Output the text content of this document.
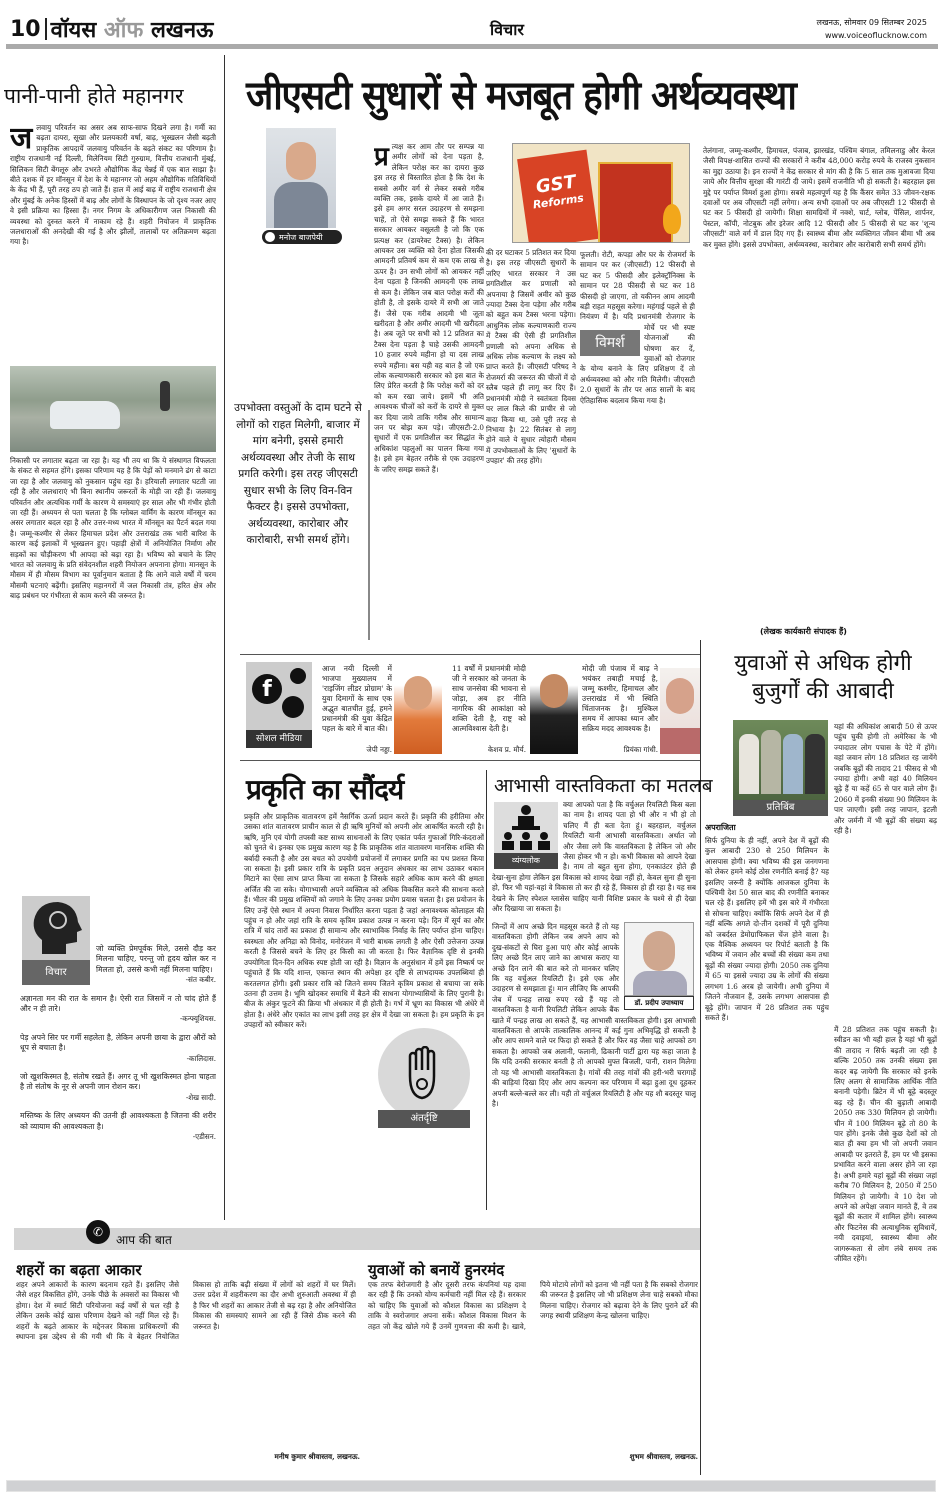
10 वॉयस ऑफ लखनऊ	विचार	लखनऊ, सोमवार 09 सितम्बर 2025
www.voiceoflucknow.com
पानी-पानी होते महानगर
ज लवायु परिवर्तन का असर अब साफ-साफ दिखने लगा है। गर्मी का बढ़ता दायरा, सूखा और प्रलयकारी वर्षा, बाढ़, भूस्खलन जैसी बढ़ती प्राकृतिक आपदायें जलवायु परिवर्तन के बढ़ते संकट का परिणाम है। राष्ट्रीय राजधानी नई दिल्ली, मिलेनियम सिटी गुरुग्राम, वित्तीय राजधानी मुंबई, सिलिकन सिटी बेंगलूरु और उभरते औद्योगिक केंद्र चेन्नई में एक बात साझा है। बीते दशक में हर मॉनसून में देश के ये महानगर जो अहम औद्योगिक गतिविधियों के केंद्र भी हैं, पूरी तरह ठप हो जाते हैं। हाल में आई बाढ़ में राष्ट्रीय राजधानी क्षेत्र और मुंबई के अनेक हिस्सों में बाढ़ और लोगों के विस्थापन के जो दृश्य नजर आए वे इसी प्रक्रिया का हिस्सा हैं। नगर निगम के अधिकारीगण जल निकासी की व्यवस्था को दुरुस्त करने में नाकाम रहे हैं। शहरी नियोजन में प्राकृतिक जलधाराओं की अनदेखी की गई है और झीलों, तालाबों पर अतिक्रमण बढ़ता गया है।
निकासी पर लगातार बढ़ता जा रहा है। यह भी तय था कि ये संस्थागत विफलता के संकट से सहमत होंगे। इसका परिणाम यह है कि पेड़ों को मनमाने ढंग से काटा जा रहा है और जलवायु को नुकसान पहुंच रहा है। हरियाली लगातार घटती जा रही है और जलधाराएं भी बिना स्थानीय जरूरतों के मोड़ी जा रही हैं। जलवायु परिवर्तन और अत्यधिक गर्मी के कारण ये समस्याएं हर साल और भी गंभीर होती जा रही हैं। अध्ययन से पता चलता है कि ग्लोबल वार्मिंग के कारण मॉनसून का असर लगातार बदल रहा है और उत्तर-मध्य भारत में मॉनसून का पैटर्न बदल गया है। जम्मू-कश्मीर से लेकर हिमाचल प्रदेश और उत्तराखंड तक भारी बारिश के कारण कई इलाकों में भूस्खलन हुए। पहाड़ी क्षेत्रों में अनियोजित निर्माण और सड़कों का चौड़ीकरण भी आपदा को बढ़ा रहा है। भविष्य को बचाने के लिए भारत को जलवायु के प्रति संवेदनशील शहरी नियोजन अपनाना होगा। मानसून के मौसम में ही मौसम विभाग का पूर्वानुमान बताता है कि आने वाले वर्षों में चरम मौसमी घटनाएं बढ़ेंगी। इसलिए महानगरों में जल निकासी तंत्र, हरित क्षेत्र और बाढ़ प्रबंधन पर गंभीरता से काम करने की जरूरत है।
विचार
जो व्यक्ति प्रेमपूर्वक मिले, उससे दौड़ कर मिलना चाहिए, परन्तु जो हृदय खोल कर न मिलता हो, उससे कभी नहीं मिलना चाहिए।
-संत कबीर.
अज्ञानता मन की रात के समान है। ऐसी रात जिसमें न तो चांद होते हैं और न ही तारे।
-कन्फ्यूशियस.
पेड़ अपने सिर पर गर्मी सहलेता है, लेकिन अपनी छाया के द्वारा औरों को धूप से बचाता है।
-कालिदास.
जो खुशकिस्मत है, संतोष रखते हैं। अगर तू भी खुशकिस्मत होना चाहता है तो संतोष के नूर से अपनी जान रोशन कर।
-शेख सादी.
मस्तिष्क के लिए अध्ययन की उतनी ही आवश्यकता है जितना की शरीर को व्यायाम की आवश्यकता है।
-एडीसन.
जीएसटी सुधारों से मजबूत होगी अर्थव्यवस्था
मनोज बाजपेयी
उपभोक्ता वस्तुओं के दाम घटने से लोगों को राहत मिलेगी, बाजार में मांग बनेगी, इससे हमारी अर्थव्यवस्था और तेजी के साथ प्रगति करेगी। इस तरह जीएसटी सुधार सभी के लिए विन-विन फैक्टर है। इससे उपभोक्ता, अर्थव्यवस्था, कारोबार और कारोबारी, सभी समर्थ होंगे।
प्र त्यक्ष कर आम तौर पर सम्पन्न या अमीर लोगों को देना पड़ता है, लेकिन परोक्ष कर का दायरा कुछ इस तरह से विस्तारित होता है कि देश के सबसे अमीर वर्ग से लेकर सबसे गरीब व्यक्ति तक, इसके दायरे में आ जाते हैं। इसे हम अगर सरल उदाहरण से समझना चाहें, तो ऐसे समझ सकते हैं कि भारत सरकार आयकर वसूलती है जो कि एक प्रत्यक्ष कर (डायरेक्ट टैक्स) है। लेकिन आयकर उस व्यक्ति को देना होता जिसकी आमदनी प्रतिवर्ष कम से कम एक लाख से ऊपर है। उन सभी लोगों को आयकर नहीं देना पड़ता है जिनकी आमदनी एक लाख से कम है। लेकिन जब बात परोक्ष करों की होती है, तो इसके दायरे में सभी आ जाते हैं। जैसे एक गरीब आदमी भी जूता खरीदता है और अमीर आदमी भी खरीदता है। अब जूते पर सभी को 12 प्रतिशत का टैक्स देना पड़ता है चाहे उसकी आमदनी 10 हजार रुपये महीना हो या दस लाख रुपये महीना। बस यही वह बात है जो एक लोक कल्याणकारी सरकार को इस बात के लिए प्रेरित करती है कि परोक्ष करों को दर को कम रखा जाये। इसमें भी अति आवश्यक चीजों को करों के दायरे से मुक्त कर दिया जाये ताकि गरीब और सामान्य जन पर बोझ कम पड़े। जीएसटी-2.0 सुधारों में एक प्रगतिशील कर सिद्धांत के अधिकांश पहलुओं का पालन किया गया है। इसे हम बेहतर तरीके से एक उदाहरण के जरिए समझ सकते हैं।
GST
Reforms
की दर घटाकर 5 प्रतिशत कर दिया है। इस तरह जीएसटी सुधारों के जरिए भारत सरकार ने उस प्रगतिशील कर प्रणाली को अपनाया है जिसमें अमीर को कुछ ज्यादा टैक्स देना पड़ेगा और गरीब को बहुत कम टैक्स भरना पड़ेगा। आधुनिक लोक कल्याणकारी राज्य में टैक्स की ऐसी ही प्रगतिशील प्रणाली को अपना अधिक से अधिक लोक कल्याण के लक्ष्य को प्राप्त करते हैं। जीएसटी परिषद ने रोजमर्रा की जरूरत की चीजों में दो स्लैब पहले ही लागू कर दिए हैं। प्रधानमंत्री मोदी ने स्वतंत्रता दिवस पर लाल किले की प्राचीर से जो वादा किया था, उसे पूरी तरह से निभाया है। 22 सितंबर से लागू होने वाले ये सुधार त्योहारी मौसम में उपभोक्ताओं के लिए 'सुधारों के उपहार' की तरह होंगे।
विमर्श
फूलती। रोटी, कपड़ा और घर के रोजमर्रा के सामान पर कर (जीएसटी) 12 फीसदी से घट कर 5 फीसदी और इलेक्ट्रॉनिक्स के सामान पर 28 फीसदी से घट कर 18 फीसदी हो जाएगा, तो यकीनन आम आदमी बड़ी राहत महसूस करेगा। महंगाई पहले से ही नियंत्रण में है। यदि प्रधानमंत्री रोजगार के मोर्चे पर भी स्पष्ट योजनाओं की घोषणा कर दें, युवाओं को रोजगार के योग्य बनाने के लिए प्रशिक्षण दें तो अर्थव्यवस्था को और गति मिलेगी। जीएसटी 2.0 सुधारों के तौर पर आठ सालों के बाद ऐतिहासिक बदलाव किया गया है।
तेलंगाना, जम्मू-कश्मीर, हिमाचल, पंजाब, झारखंड, पश्चिम बंगाल, तमिलनाडु और केरल जैसी विपक्ष-शासित राज्यों की सरकारों ने करीब 48,000 करोड़ रुपये के राजस्व नुकसान का मुद्दा उठाया है। इन राज्यों ने केंद्र सरकार से मांग की है कि 5 साल तक मुआवजा दिया जाये और वित्तीय सुरक्षा की गारंटी दी जाये। इसमें राजनीति भी हो सकती है। बहरहाल इस मुद्दे पर पर्याप्त विमर्श हुआ होगा। सबसे महत्वपूर्ण यह है कि कैंसर समेत 33 जीवन-रक्षक दवाओं पर अब जीएसटी नहीं लगेगा। अन्य सभी दवाओं पर अब जीएसटी 12 फीसदी से घट कर 5 फीसदी हो जायेगी। शिक्षा सामग्रियों में नक्शे, चार्ट, ग्लोब, पेंसिल, शार्पनर, पेस्टल, कॉपी, नोटबुक और इरेजर आदि 12 फीसदी और 5 फीसदी से घट कर 'शून्य जीएसटी' वाले वर्ग में डाल दिए गए हैं। स्वास्थ्य बीमा और व्यक्तिगत जीवन बीमा भी अब कर मुक्त होंगे। इससे उपभोक्ता, अर्थव्यवस्था, कारोबार और कारोबारी सभी समर्थ होंगे।
(लेखक कार्यकारी संपादक हैं)
f
सोशल मीडिया
आज नयी दिल्ली में भाजपा मुख्यालय में 'राइजिंग लीडर प्रोग्राम' के युवा दिमागों के साथ एक अद्भुत बातचीत हुई, हमने प्रधानमंत्री की युवा केंद्रित पहल के बारे में बात की।
जेपी नड्डा.
11 वर्षों में प्रधानमंत्री मोदी जी ने सरकार को जनता के साथ जनसेवा की भावना से जोड़ा, अब हर नीति नागरिक की आकांक्षा को शक्ति देती है, राष्ट्र को आत्मविश्वास देती है।
केशव प्र. मौर्य.
मोदी जी पंजाब में बाढ़ ने भयंकर तबाही मचाई है, जम्मू कश्मीर, हिमाचल और उत्तराखंड में भी स्थिति चिंताजनक है। मुश्किल समय में आपका ध्यान और सक्रिय मदद आवश्यक है।
प्रियंका गांधी.
युवाओं से अधिक होगी बुजुर्गों की आबादी
प्रतिबिंब
यहां की अधिकांश आबादी 50 से ऊपर पहुंच चुकी होगी तो अमेरिका के भी ज्यादातर लोग पचास के पेटे में होंगे। वहां जवान लोग 18 प्रतिशत रह जायेंगे जबकि बूढ़ों की तादाद 21 फीसद से भी ज्यादा होगी। अभी वहां 40 मिलियन बूढ़े हैं या कहें 65 से पार वाले लोग हैं। 2060 में इनकी संख्या 90 मिलियन के पार जाएगी। इसी तरह जापान, इटली और जर्मनी में भी बूढ़ों की संख्या बढ़ रही है।
अपराजिता
सिर्फ दुनिया के ही नहीं, अपने देश में बूढ़ों की कुल आबादी 230 से 250 मिलियन के आसपास होगी। क्या भविष्य की इस जनगणना को लेकर हमने कोई ठोस रणनीति बनाई है? यह इसलिए जरूरी है क्योंकि आजकल दुनिया के पश्चिमी देश 50 साल बाद की रणनीति बनाकर चल रहे हैं। इसलिए हमें भी इस बारे में गंभीरता से सोचना चाहिए। क्योंकि सिर्फ अपने देश में ही नहीं बल्कि अगले दो-तीन दशकों में पूरी दुनिया को जबर्दस्त डेमोग्राफिकल चेंज होने वाला है। एक वैश्विक अध्ययन पर रिपोर्ट बताती है कि भविष्य में जवान और बच्चों की संख्या कम तथा बूढ़ों की संख्या ज्यादा होगी। 2050 तक दुनिया में 65 या इससे ज्यादा उम्र के लोगों की संख्या लगभग 1.6 अरब हो जायेगी। अभी दुनिया में जितने नौजवान हैं, उसके लगभग आसपास ही बूढ़े होंगे। जापान में 28 प्रतिशत तक पहुंच सकते हैं।
मेें 28 प्रतिशत तक पहुंच सकती है। स्वीडन का भी यही हाल है यहां भी बूढ़ों की तादाद न सिर्फ बढ़ती जा रही है बल्कि 2050 तक उनकी संख्या इस कदर बढ़ जायेगी कि सरकार को इनके लिए अलग से सामाजिक आर्थिक नीति बनानी पड़ेगी। ब्रिटेन में भी बूढ़े बदस्तूर बढ़ रहे हैं। चीन की बुढ़ाती आबादी 2050 तक 330 मिलियन हो जायेगी। चीन में 100 मिलियन बूढ़े तो 80 के पार होंगे। इनके जैसे कुछ देशों को तो बात ही क्या हम भी जो अपनी जवान आबादी पर इतराते हैं, हम पर भी इसका प्रभावित करने वाला असर होने जा रहा है। अभी हमारे यहां बूढ़ों की संख्या जहां करीब 70 मिलियन है, 2050 में 250 मिलियन हो जायेगी। वे 10 देश जो अपने को अपेक्षा जवान मानते हैं, वे तब बूढ़ों की कतार में शामिल होंगे। स्वास्थ्य और फिटनेस की अत्याधुनिक सुविधायें, नयी दवाइयां, स्वास्थ्य बीमा और जागरूकता से लोग लंबे समय तक जीवित रहेंगे।
प्रकृति का सौंदर्य
अंतर्दृष्टि
प्रकृति और प्राकृतिक वातावरण हमें नैसर्गिक ऊर्जा प्रदान करते हैं। प्रकृति की हरीतिमा और उसका शांत वातावरण प्राचीन काल से ही ऋषि मुनियों को अपनी ओर आकर्षित करती रही है। ऋषि, मुनि एवं योगी तपस्वी कष्ट साध्य साधनाओं के लिए एकांत पर्वत गुफाओं गिरि-कंदराओं को चुनते थे। इनका एक प्रमुख कारण यह है कि प्राकृतिक शांत वातावरण मानसिक शक्ति की बर्बादी रुकती है और उस बचत को उपयोगी प्रयोजनों में लगाकर प्रगति का पथ प्रशस्त किया जा सकता है। इसी प्रकार रात्रि के प्रकृति प्रदत्त अनुदान अंधकार का लाभ उठाकर थकान मिटाने का ऐसा लाभ प्राप्त किया जा सकता है जिसके सहारे अधिक काम करने की क्षमता अर्जित की जा सके। योगाभ्यासी अपने व्यक्तित्व को अधिक विकसित करने की साधना करते हैं। भीतर की प्रमुख शक्तियों को जगाने के लिए उनका प्रयोग प्रयास चलता है। इस प्रयोजन के लिए उन्हें ऐसे स्थान में अपना निवास निर्धारित करना पड़ता है जहां अनावश्यक कोलाहल की पहुंच न हो और जहां रात्रि के समय कृत्रिम प्रकाश उत्पन्न न करना पड़े। दिन में सूर्य का और रात्रि में चांद तारों का प्रकाश ही सामान्य और स्वाभाविक निर्वाह के लिए पर्याप्त होना चाहिए। स्वस्थता और अनिद्रा को विनोद, मनोरंजन में भारी बाधक लगती है और ऐसी उत्तेजना उत्पन्न करती है जिससे बचने के लिए हर किसी का जी करता है। फिर वैज्ञानिक दृष्टि से इनकी उपयोगिता दिन-दिन अधिक स्पष्ट होती जा रही है। विज्ञान के अनुसंधान में हमें इस निष्कर्ष पर पहुंचाते हैं कि यदि शान्त, एकान्त स्थान की अपेक्षा हर दृष्टि से लाभदायक उपलब्धियां ही करतलगत होंगी। इसी प्रकार रात्रि को जितने समय जितने कृत्रिम प्रकाश से बचाया जा सके उतना ही उत्तम है। भूमि खोदकर समाधि में बैठने की साधना योगाभ्यासियों के लिए पुरानी है। बीज के अंकुर फूटने की क्रिया भी अंधकार में ही होती है। गर्भ में भ्रूण का विकास भी अंधेरे में होता है। अंधेरे और एकांत का लाभ इसी तरह हर क्षेत्र में देखा जा सकता है। हम प्रकृति के इन उपहारों को स्वीकार करें।
आभासी वास्तविकता का मतलब
व्यंग्यलोक
क्या आपको पता है कि वर्चुअल रियलिटी किस बला का नाम है। शायद पता हो भी और न भी हो तो चलिए मैं ही बता देता हूं। बहरहाल, वर्चुअल रियलिटी यानी आभासी वास्तविकता। अर्थात जो और जैसा लगे कि वास्तविकता है लेकिन जो और जैसा होकर भी न हो। कभी विकास को आपने देखा है। नाम तो बहुत सुना होगा, एनकाउंटर होते ही देखा-सुना होगा लेकिन इस विकास को शायद देखा नहीं हो, केवल सुना ही सुना हो, फिर भी यहां-वहां वे विकास तो कर ही रहे हैं, विकास हो ही रहा है। यह सब देखने के लिए स्पेशल ग्लासेस चाहिए यानी विशिष्ट प्रकार के चश्मे से ही देखा और दिखाया जा सकता है।
डॉ. प्रदीप उपाध्याय
जिन्दों में आप अच्छे दिन महसूस करते हैं तो यह वास्तविकता होगी लेकिन जब अपने आप को दुख-संकटों से घिरा हुआ पाएं और कोई आपके लिए अच्छे दिन लाए जाने का आभास कराए या अच्छे दिन लाने की बात करे तो मानकर चलिए कि यह वर्चुअल रियलिटी है। इसे एक और उदाहरण से समझाता हूं। मान लीजिए कि आपकी जेब में पन्द्रह लाख रुपए रखे हैं यह तो वास्तविकता है यानी रियलिटी लेकिन आपके बैंक खाते में पन्द्रह लाख आ सकते हैं, यह आभासी वास्तविकता होगी। इस आभासी वास्तविकता से आपके तात्कालिक आनन्द में कई गुना अभिवृद्धि हो सकती है और आप सामने वाले पर फिदा हो सकते हैं और फिर वह जैसा चाहे आपको ठग सकता है। आपको जब अलानी, फलानी, ढिकानी पार्टी द्वारा यह कहा जाता है कि यदि उनकी सरकार बनती है तो आपको मुफ्त बिजली, पानी, राशन मिलेगा तो यह भी आभासी वास्तविकता है। गांवों की तरह गांवों की हरी-भरी चरागाहें की बाड़ियां दिखा दिए और आप कल्पना कर परिणाम में बढ़ा हुआ दूध दूहकर अपनी बल्ले-बल्ले कर ली। यही तो वर्चुअल रियलिटी है और यह शौ बदस्तूर चालू है।
✆
आप की बात
शहरों का बढ़ता आकार
शहर अपने आकारों के कारण बदनाम रहते हैं। इसलिए जैसे जैसे शहर विकसित होंगे, उनके पीछे के अवसरों का विकास भी होगा। देश में स्मार्ट सिटी परियोजना कई वर्षों से चल रही है लेकिन उसके कोई खास परिणाम देखने को नहीं मिल रहे हैं। शहरों के बढ़ते आकार के मद्देनजर विकास प्राधिकरणों की स्थापना इस उद्देश्य से की गयी थी कि वे बेहतर नियोजित विकास हो ताकि बढ़ी संख्या में लोगों को शहरों में घर मिलें। उत्तर प्रदेश में शहरीकरण का दौर अभी शुरुआती अवस्था में ही है फिर भी शहरों का आकार तेजी से बढ़ रहा है और अनियोजित विकास की समस्याएं सामने आ रही हैं जिसे ठीक करने की जरूरत है।
मनीष कुमार श्रीवास्तव, लखनऊ.
युवाओं को बनायें हुनरमंद
एक तरफ बेरोजगारी है और दूसरी तरफ कंपनियां यह दावा कर रही हैं कि उनको योग्य कर्मचारी नहीं मिल रहे हैं। सरकार को चाहिए कि युवाओं को कौशल विकास का प्रशिक्षण दे ताकि वे स्वरोजगार अपना सकें। कौशल विकास मिशन के तहत जो केंद्र खोले गये हैं उनमें गुणवत्ता की कमी है। खावे, पिये मोटाये लोगों को इतना भी नहीं पता है कि सबको रोजगार की जरूरत है इसलिए जो भी प्रशिक्षण लेना चाहे सबको मौका मिलना चाहिए। रोजगार को बढ़ावा देने के लिए पुराने ढर्रे की जगह स्थायी प्रशिक्षण केन्द्र खोलना चाहिए।
शुभम श्रीवास्तव, लखनऊ.
